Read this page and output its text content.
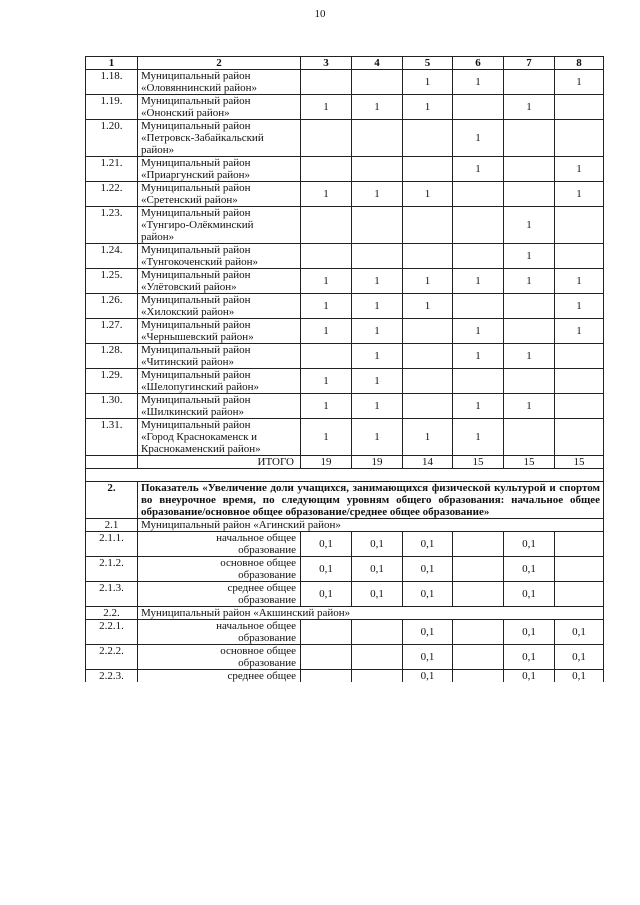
10
1	2	3	4	5	6	7	8
1.18.	Муниципальный район
«Оловяннинский район»			1	1		1
1.19.	Муниципальный район
«Ононский район»	1	1	1		1	
1.20.	Муниципальный район
«Петровск-Забайкальский
район»				1		
1.21.	Муниципальный район
«Приаргунский район»				1		1
1.22.	Муниципальный район
«Сретенский район»	1	1	1			1
1.23.	Муниципальный район
«Тунгиро-Олёкминский
район»					1	
1.24.	Муниципальный район
«Тунгокоченский район»					1	
1.25.	Муниципальный район
«Улётовский район»	1	1	1	1	1	1
1.26.	Муниципальный район
«Хилокский район»	1	1	1			1
1.27.	Муниципальный район
«Чернышевский район»	1	1		1		1
1.28.	Муниципальный район
«Читинский район»		1		1	1	
1.29.	Муниципальный район
«Шелопугинский район»	1	1				
1.30.	Муниципальный район
«Шилкинский район»	1	1		1	1	
1.31.	Муниципальный район
«Город Краснокаменск и
Краснокаменский район»	1	1	1	1		
	ИТОГО	19	19	14	15	15	15

2.	Показатель «Увеличение доли учащихся, занимающихся физической культурой и спортом во внеурочное время, по следующим уровням общего образования: начальное общее образование/основное общее образование/среднее общее образование»						
2.1	Муниципальный район «Агинский район»						
2.1.1.	начальное общее
образование	0,1	0,1	0,1		0,1	
2.1.2.	основное общее
образование	0,1	0,1	0,1		0,1	
2.1.3.	среднее общее
образование	0,1	0,1	0,1		0,1	
2.2.	Муниципальный район «Акшинский район»						
2.2.1.	начальное общее
образование			0,1		0,1	0,1
2.2.2.	основное общее
образование			0,1		0,1	0,1
2.2.3.	среднее общее			0,1		0,1	0,1
